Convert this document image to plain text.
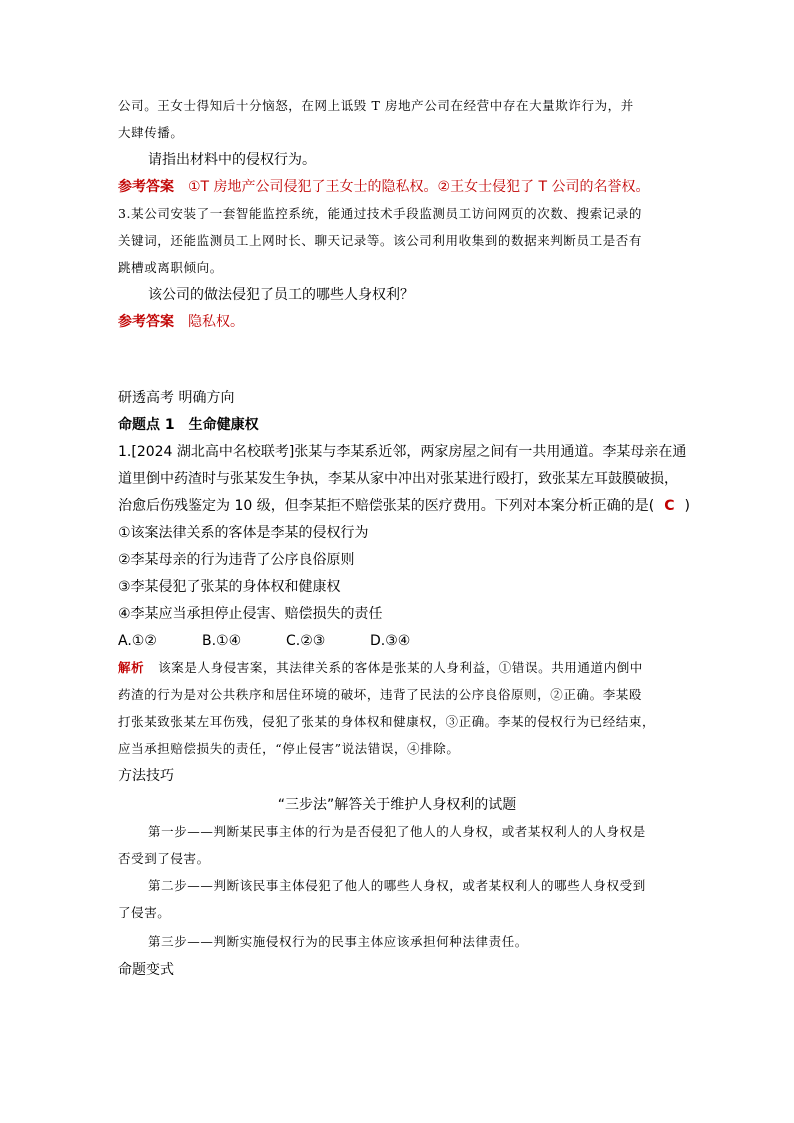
公司。王女士得知后十分恼怒，在网上诋毁 T 房地产公司在经营中存在大量欺诈行为，并
大肆传播。
请指出材料中的侵权行为。
参考答案 ①T 房地产公司侵犯了王女士的隐私权。②王女士侵犯了 T 公司的名誉权。
3.某公司安装了一套智能监控系统，能通过技术手段监测员工访问网页的次数、搜索记录的
关键词，还能监测员工上网时长、聊天记录等。该公司利用收集到的数据来判断员工是否有
跳槽或离职倾向。
该公司的做法侵犯了员工的哪些人身权利？
参考答案 隐私权。
研透高考 明确方向
命题点 1　生命健康权
1.[2024 湖北高中名校联考]张某与李某系近邻，两家房屋之间有一共用通道。李某母亲在通
道里倒中药渣时与张某发生争执，李某从家中冲出对张某进行殴打，致张某左耳鼓膜破损，
治愈后伤残鉴定为 10 级，但李某拒不赔偿张某的医疗费用。下列对本案分析正确的是( C )
①该案法律关系的客体是李某的侵权行为
②李某母亲的行为违背了公序良俗原则
③李某侵犯了张某的身体权和健康权
④李某应当承担停止侵害、赔偿损失的责任
A.①②	B.①④	C.②③	D.③④
解析 该案是人身侵害案，其法律关系的客体是张某的人身利益，①错误。共用通道内倒中
药渣的行为是对公共秩序和居住环境的破坏，违背了民法的公序良俗原则，②正确。李某殴
打张某致张某左耳伤残，侵犯了张某的身体权和健康权，③正确。李某的侵权行为已经结束，
应当承担赔偿损失的责任，“停止侵害”说法错误，④排除。
方法技巧
“三步法”解答关于维护人身权利的试题
第一步——判断某民事主体的行为是否侵犯了他人的人身权，或者某权利人的人身权是
否受到了侵害。
第二步——判断该民事主体侵犯了他人的哪些人身权，或者某权利人的哪些人身权受到
了侵害。
第三步——判断实施侵权行为的民事主体应该承担何种法律责任。
命题变式
